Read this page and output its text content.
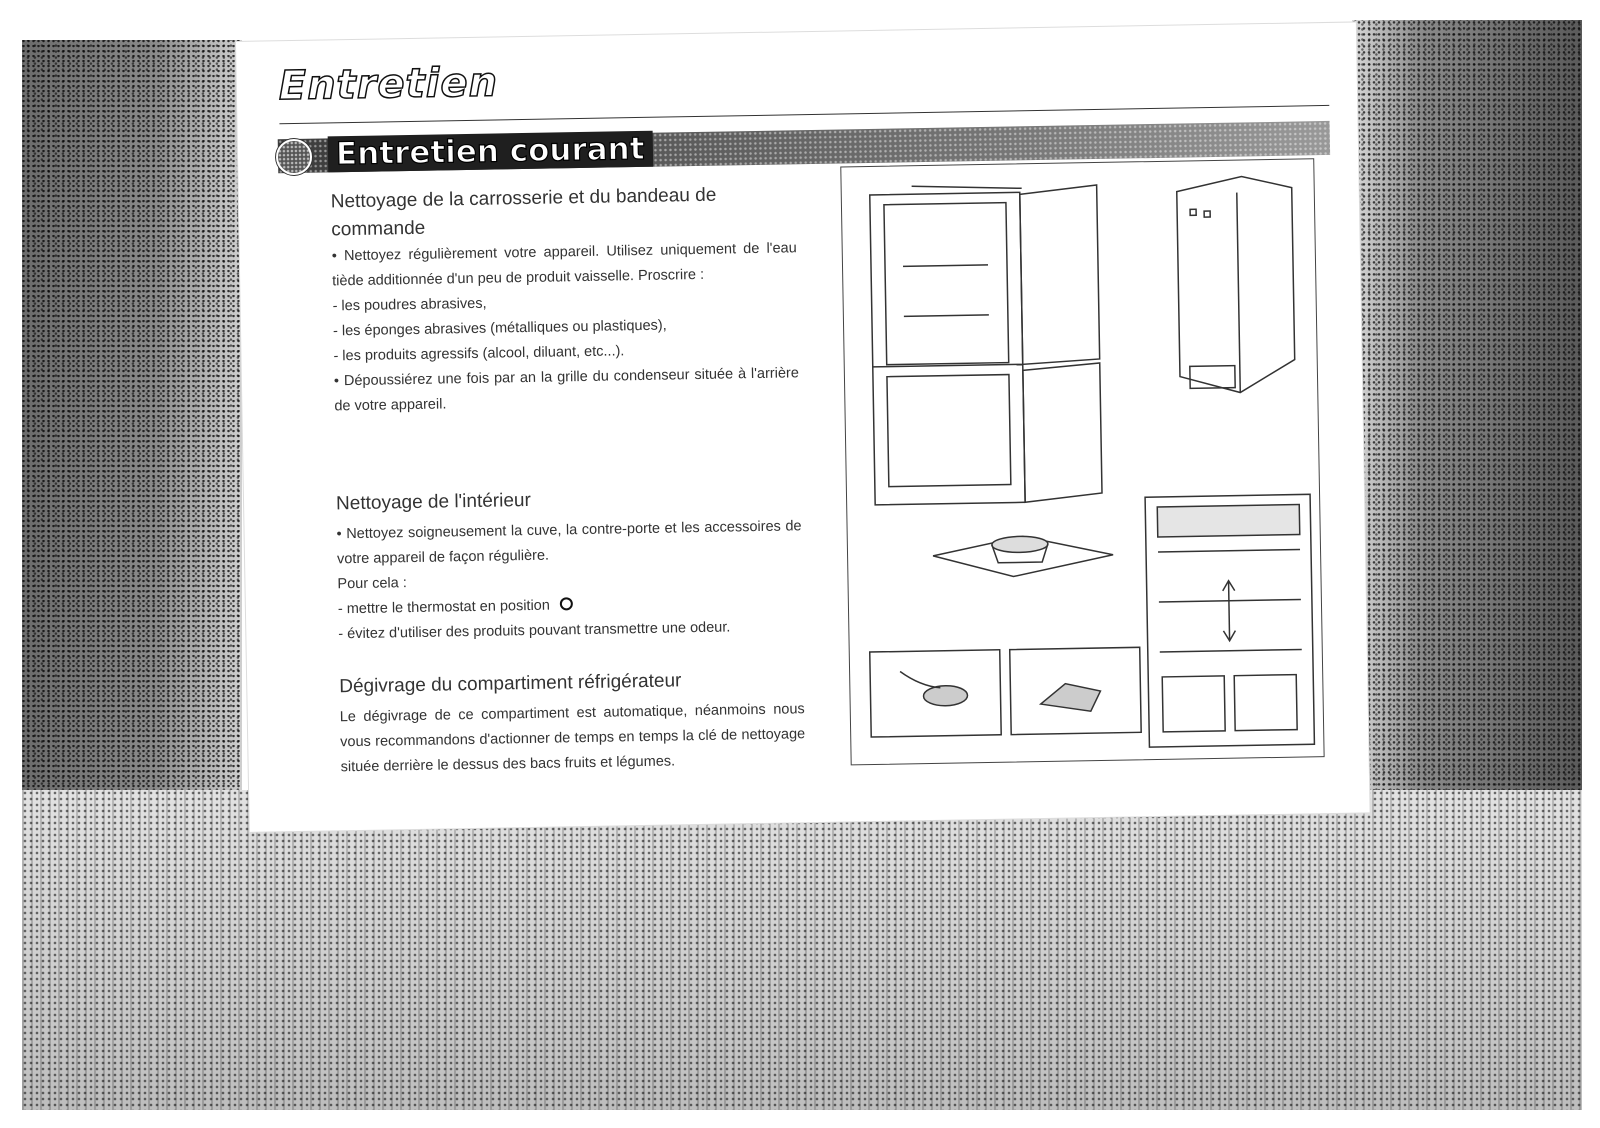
Entretien
Entretien courant

Nettoyage de la carrosserie et du bandeau de
commande

• Nettoyez régulièrement votre appareil. Utilisez uniquement de l'eau tiède additionnée d'un peu de produit vaisselle. Proscrire :

- les poudres abrasives,

- les éponges abrasives (métalliques ou plastiques),

- les produits agressifs (alcool, diluant, etc...).

• Dépoussiérez une fois par an la grille du condenseur située à l'arrière de votre appareil.

Nettoyage de l'intérieur

• Nettoyez soigneusement la cuve, la contre-porte et les accessoires de votre appareil de façon régulière.

Pour cela :

- mettre le thermostat en position

- évitez d'utiliser des produits pouvant transmettre une odeur.

Dégivrage du compartiment réfrigérateur

Le dégivrage de ce compartiment est automatique, néanmoins nous vous recommandons d'actionner de temps en temps la clé de nettoyage située derrière le dessus des bacs fruits et légumes.
